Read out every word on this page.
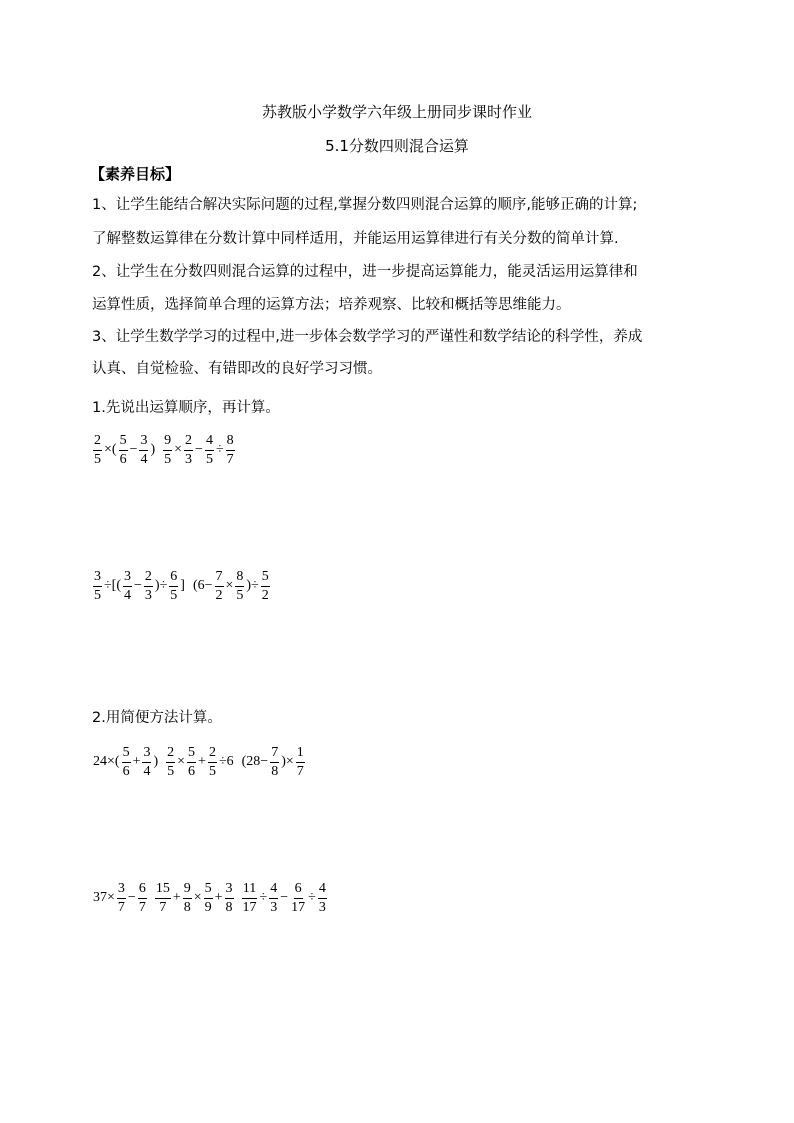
苏教版小学数学六年级上册同步课时作业
5.1分数四则混合运算
【素养目标】
1、让学生能结合解决实际问题的过程,掌握分数四则混合运算的顺序,能够正确的计算;
了解整数运算律在分数计算中同样适用，并能运用运算律进行有关分数的简单计算.
2、让学生在分数四则混合运算的过程中，进一步提高运算能力，能灵活运用运算律和
运算性质，选择简单合理的运算方法；培养观察、比较和概括等思维能力。
3、让学生数学学习的过程中,进一步体会数学学习的严谨性和数学结论的科学性，养成
认真、自觉检验、有错即改的良好学习习惯。
1.先说出运算顺序，再计算。
$\frac{2}{5}$ ×( $\frac{5}{6} - \frac{3}{4}$ ) $\frac{9}{5} \times \frac{2}{3} - \frac{4}{5} \div \frac{8}{7}$
$\frac{3}{5}$ ÷[( $\frac{3}{4} - \frac{2}{3}$ )÷ $\frac{6}{5}$ ] ($6- \frac{7}{2} \times \frac{8}{5}$ )÷ $\frac{5}{2}$
2.用简便方法计算。
$24\times( \frac{5}{6} + \frac{3}{4}$ ) $\frac{2}{5} \times \frac{5}{6} + \frac{2}{5} \div 6$ ($28- \frac{7}{8}$ )× $\frac{1}{7}$
$37\times \frac{3}{7} - \frac{6}{7} \frac{15}{7} + \frac{9}{8} \times \frac{5}{9} + \frac{3}{8} \frac{11}{17} \div \frac{4}{3} - \frac{6}{17} \div \frac{4}{3}$
